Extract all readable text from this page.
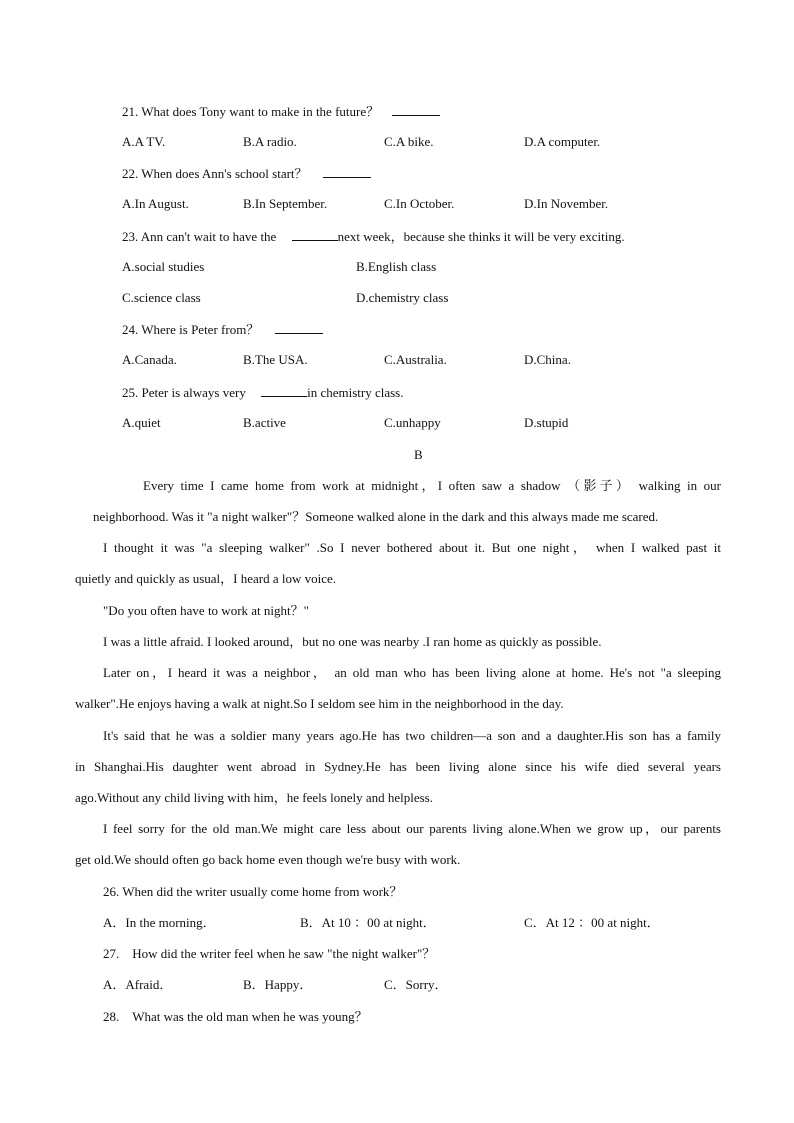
21. What does Tony want to make in the future？
A.A TV.	B.A radio.	C.A bike.	D.A computer.
22. When does Ann's school start？
A.In August.	B.In September.	C.In October.	D.In November.
23. Ann can't wait to have the	next week，because she thinks it will be very exciting.
A.social studies	B.English class
C.science class	D.chemistry class
24. Where is Peter from？
A.Canada.	B.The USA.	C.Australia.	D.China.
25. Peter is always very	in chemistry class.
A.quiet	B.active	C.unhappy	D.stupid
B
Every time I came home from work at midnight，I often saw a shadow （影子） walking in our
neighborhood. Was it "a night walker"？Someone walked alone in the dark and this always made me scared.
I thought it was "a sleeping walker" .So I never bothered about it. But one night， when I walked past it
quietly and quickly as usual，I heard a low voice.
"Do you often have to work at night？"
I was a little afraid. I looked around，but no one was nearby .I ran home as quickly as possible.
Later on，I heard it was a neighbor， an old man who has been living alone at home. He's not "a sleeping
walker".He enjoys having a walk at night.So I seldom see him in the neighborhood in the day.
It's said that he was a soldier many years ago.He has two children—a son and a daughter.His son has a family
in Shanghai.His daughter went abroad in Sydney.He has been living alone since his wife died several years
ago.Without any child living with him，he feels lonely and helpless.
I feel sorry for the old man.We might care less about our parents living alone.When we grow up，our parents
get old.We should often go back home even though we're busy with work.
26. When did the writer usually come home from work？
A．In the morning．	B．At 10 ：00 at night．	C．At 12 ：00 at night．
27.　How did the writer feel when he saw "the night walker"？
A．Afraid．	B．Happy．	C．Sorry．
28.　What was the old man when he was young？
